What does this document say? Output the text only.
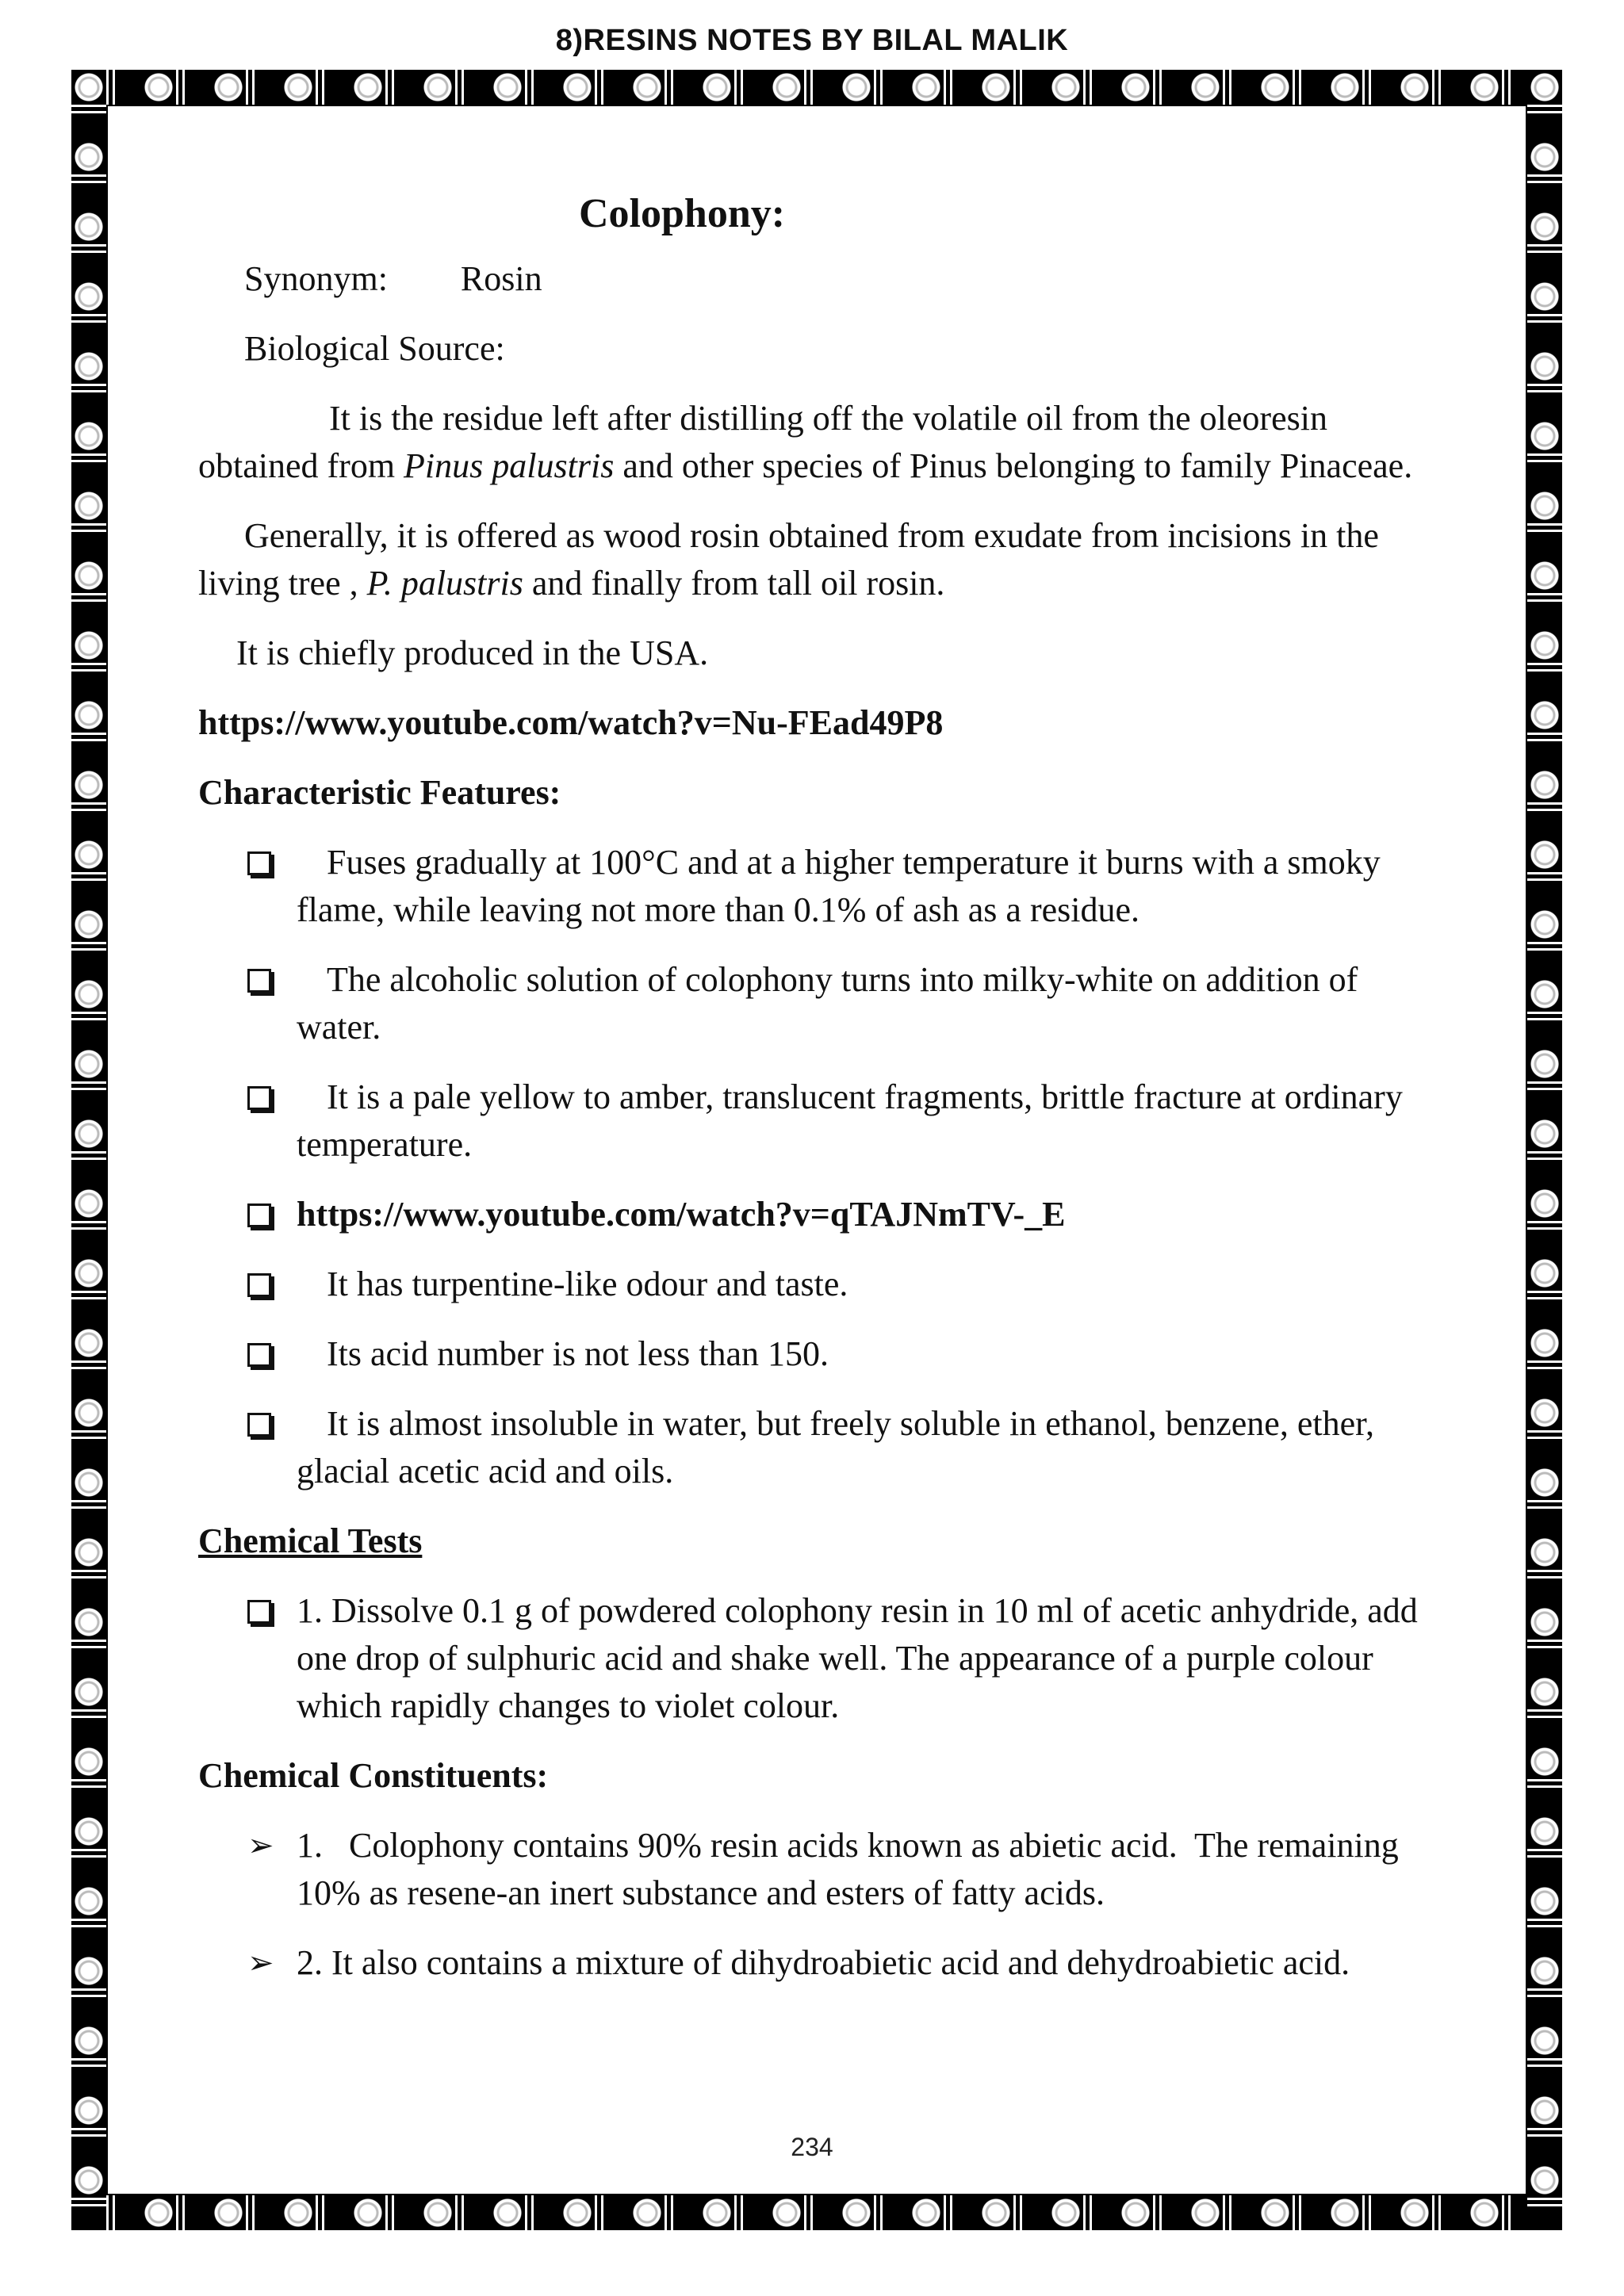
8)RESINS NOTES BY BILAL MALIK
Colophony:
Synonym: Rosin
Biological Source:
It is the residue left after distilling off the volatile oil from the oleoresin obtained from Pinus palustris and other species of Pinus belonging to family Pinaceae.
Generally, it is offered as wood rosin obtained from exudate from incisions in the living tree , P. palustris and finally from tall oil rosin.
It is chiefly produced in the USA.
https://www.youtube.com/watch?v=Nu-FEad49P8
Characteristic Features:
Fuses gradually at 100°C and at a higher temperature it burns with a smoky flame, while leaving not more than 0.1% of ash as a residue.
The alcoholic solution of colophony turns into milky-white on addition of water.
It is a pale yellow to amber, translucent fragments, brittle fracture at ordinary temperature.
https://www.youtube.com/watch?v=qTAJNmTV-_E
It has turpentine-like odour and taste.
Its acid number is not less than 150.
It is almost insoluble in water, but freely soluble in ethanol, benzene, ether, glacial acetic acid and oils.
Chemical Tests
1. Dissolve 0.1 g of powdered colophony resin in 10 ml of acetic anhydride, add one drop of sulphuric acid and shake well. The appearance of a purple colour which rapidly changes to violet colour.
Chemical Constituents:
➢ 1.   Colophony contains 90% resin acids known as abietic acid.  The remaining 10% as resene-an inert substance and esters of fatty acids.
➢ 2. It also contains a mixture of dihydroabietic acid and dehydroabietic acid.
234
